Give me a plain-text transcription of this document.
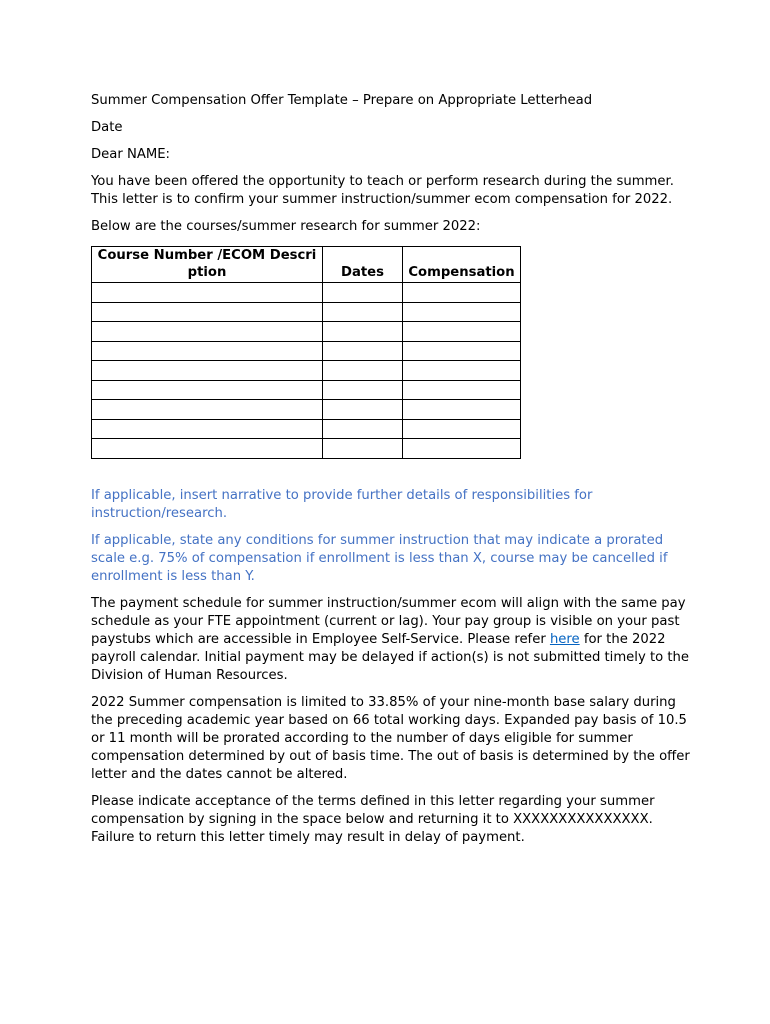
Summer Compensation Offer Template – Prepare on Appropriate Letterhead

Date

Dear NAME:

You have been offered the opportunity to teach or perform research during the summer. This letter is to confirm your summer instruction/summer ecom compensation for 2022.

Below are the courses/summer research for summer 2022:

Course Number /ECOM Description	Dates	Compensation

If applicable, insert narrative to provide further details of responsibilities for instruction/research.

If applicable, state any conditions for summer instruction that may indicate a prorated scale e.g. 75% of compensation if enrollment is less than X, course may be cancelled if enrollment is less than Y.

The payment schedule for summer instruction/summer ecom will align with the same pay schedule as your FTE appointment (current or lag). Your pay group is visible on your past paystubs which are accessible in Employee Self-Service. Please refer here for the 2022 payroll calendar. Initial payment may be delayed if action(s) is not submitted timely to the Division of Human Resources.

2022 Summer compensation is limited to 33.85% of your nine-month base salary during the preceding academic year based on 66 total working days. Expanded pay basis of 10.5 or 11 month will be prorated according to the number of days eligible for summer compensation determined by out of basis time. The out of basis is determined by the offer letter and the dates cannot be altered.

Please indicate acceptance of the terms defined in this letter regarding your summer compensation by signing in the space below and returning it to XXXXXXXXXXXXXXX. Failure to return this letter timely may result in delay of payment.
